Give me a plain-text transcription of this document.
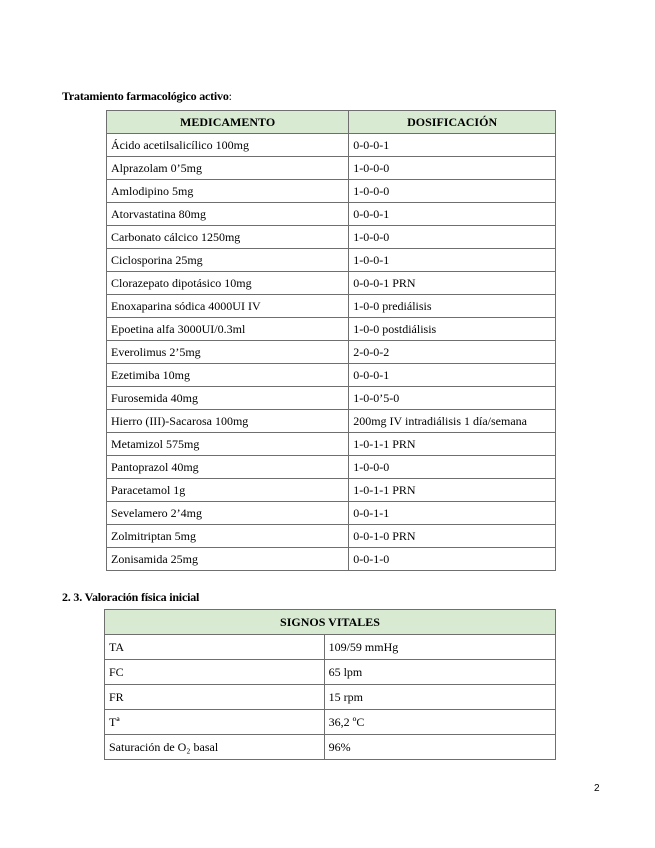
Tratamiento farmacológico activo:
MEDICAMENTO	DOSIFICACIÓN
Ácido acetilsalicílico 100mg	0-0-0-1
Alprazolam 0’5mg	1-0-0-0
Amlodipino 5mg	1-0-0-0
Atorvastatina 80mg	0-0-0-1
Carbonato cálcico 1250mg	1-0-0-0
Ciclosporina 25mg	1-0-0-1
Clorazepato dipotásico 10mg	0-0-0-1 PRN
Enoxaparina sódica 4000UI IV	1-0-0 prediálisis
Epoetina alfa 3000UI/0.3ml	1-0-0 postdiálisis
Everolimus 2’5mg	2-0-0-2
Ezetimiba 10mg	0-0-0-1
Furosemida 40mg	1-0-0’5-0
Hierro (III)-Sacarosa 100mg	200mg IV intradiálisis 1 día/semana
Metamizol 575mg	1-0-1-1 PRN
Pantoprazol 40mg	1-0-0-0
Paracetamol 1g	1-0-1-1 PRN
Sevelamero 2’4mg	0-0-1-1
Zolmitriptan 5mg	0-0-1-0 PRN
Zonisamida 25mg	0-0-1-0
2. 3. Valoración física inicial
SIGNOS VITALES	
TA	109/59 mmHg
FC	65 lpm
FR	15 rpm
Tª	36,2 ºC
Saturación de O₂ basal	96%
2
